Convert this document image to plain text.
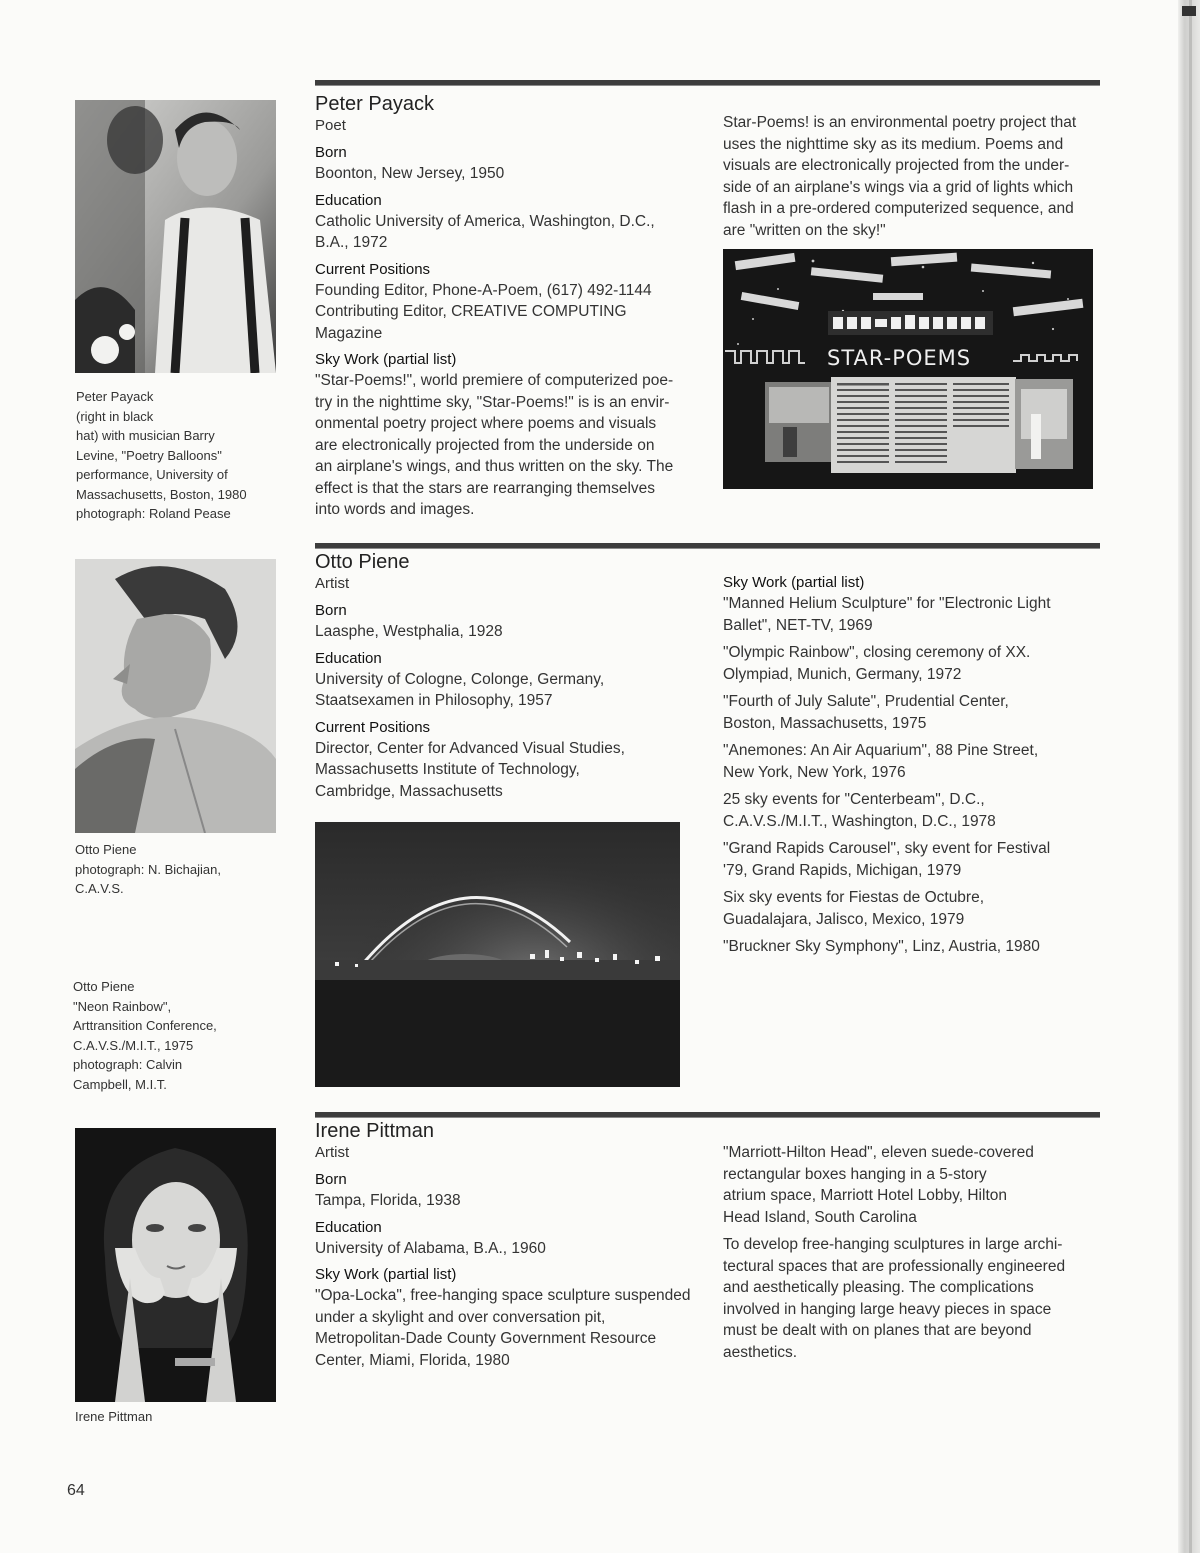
Peter Payack
(right in black
hat) with musician Barry
Levine, "Poetry Balloons"
performance, University of
Massachusetts, Boston, 1980
photograph: Roland Pease
Peter Payack
Poet
Born
Boonton, New Jersey, 1950
Education
Catholic University of America, Washington, D.C.,
B.A., 1972
Current Positions
Founding Editor, Phone-A-Poem, (617) 492-1144
Contributing Editor, CREATIVE COMPUTING
Magazine
Sky Work (partial list)
"Star-Poems!", world premiere of computerized poe-
try in the nighttime sky, "Star-Poems!" is is an envir-
onmental poetry project where poems and visuals
are electronically projected from the underside on
an airplane's wings, and thus written on the sky. The
effect is that the stars are rearranging themselves
into words and images.
Star-Poems! is an environmental poetry project that
uses the nighttime sky as its medium. Poems and
visuals are electronically projected from the under-
side of an airplane's wings via a grid of lights which
flash in a pre-ordered computerized sequence, and
are "written on the sky!"
STAR-POEMS
Otto Piene
photograph: N. Bichajian,
C.A.V.S.
Otto Piene
"Neon Rainbow",
Arttransition Conference,
C.A.V.S./M.I.T., 1975
photograph: Calvin
Campbell, M.I.T.
Otto Piene
Artist
Born
Laasphe, Westphalia, 1928
Education
University of Cologne, Colonge, Germany,
Staatsexamen in Philosophy, 1957
Current Positions
Director, Center for Advanced Visual Studies,
Massachusetts Institute of Technology,
Cambridge, Massachusetts
Sky Work (partial list)
"Manned Helium Sculpture" for "Electronic Light
Ballet", NET-TV, 1969
"Olympic Rainbow", closing ceremony of XX.
Olympiad, Munich, Germany, 1972
"Fourth of July Salute", Prudential Center,
Boston, Massachusetts, 1975
"Anemones: An Air Aquarium", 88 Pine Street,
New York, New York, 1976
25 sky events for "Centerbeam", D.C.,
C.A.V.S./M.I.T., Washington, D.C., 1978
"Grand Rapids Carousel", sky event for Festival
'79, Grand Rapids, Michigan, 1979
Six sky events for Fiestas de Octubre,
Guadalajara, Jalisco, Mexico, 1979
"Bruckner Sky Symphony", Linz, Austria, 1980
Irene Pittman
Irene Pittman
Artist
Born
Tampa, Florida, 1938
Education
University of Alabama, B.A., 1960
Sky Work (partial list)
"Opa-Locka", free-hanging space sculpture suspended
under a skylight and over conversation pit,
Metropolitan-Dade County Government Resource
Center, Miami, Florida, 1980
"Marriott-Hilton Head", eleven suede-covered
rectangular boxes hanging in a 5-story
atrium space, Marriott Hotel Lobby, Hilton
Head Island, South Carolina
To develop free-hanging sculptures in large archi-
tectural spaces that are professionally engineered
and aesthetically pleasing. The complications
involved in hanging large heavy pieces in space
must be dealt with on planes that are beyond
aesthetics.
64
